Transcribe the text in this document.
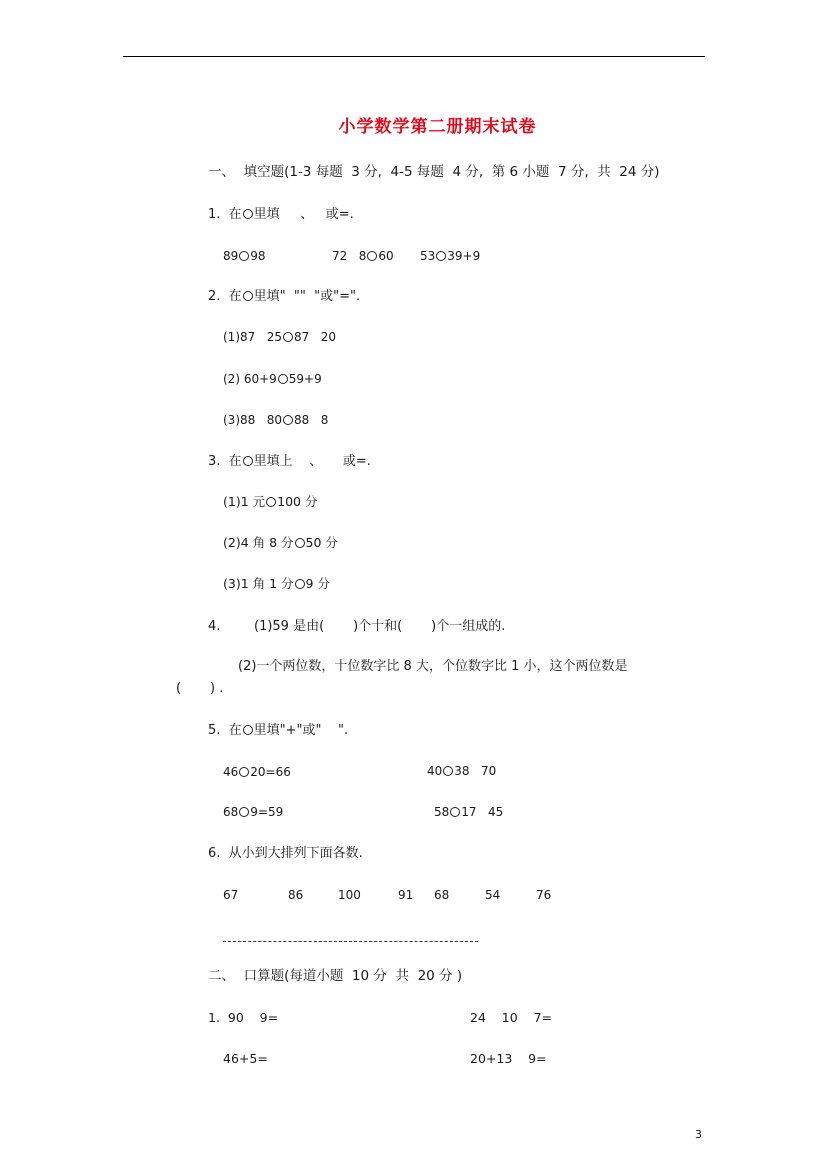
小学数学第二册期末试卷
一、  填空题(1-3 每题  3 分,  4-5 每题  4 分,  第 6 小题  7 分,  共  24 分)
1.  在 里填     、   或=.
89 98	72   8 60 53 39+9
2.  在 里填"  ""  "或"=".
(1)87   25 87   20
(2) 60+9 59+9
(3)88   80 88   8
3.  在 里填上    、     或=.
(1)1 元 100 分
(2)4 角 8 分 50 分
(3)1 角 1 分 9 分
4.	(1)59 是由(       )个十和(       )个一组成的.
(2)一个两位数，十位数字比 8 大，个位数字比 1 小，这个两位数是
(       ) .
5.  在 里填"+"或"    ".
46 20=66	40 38   70
68 9=59	58 17   45
6.  从小到大排列下面各数.
67	86	100	91 68	54	76
二、  口算题(每道小题  10 分  共  20 分 )
1.  90    9=	24    10    7=
46+5=	20+13    9=
3
